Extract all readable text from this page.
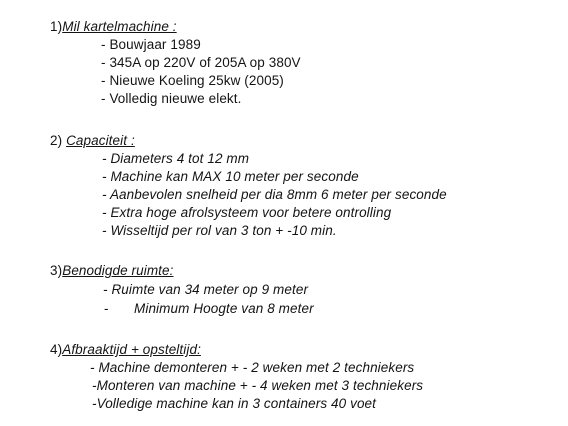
1)Mil kartelmachine :
- Bouwjaar 1989
- 345A op 220V of 205A op 380V
- Nieuwe Koeling 25kw (2005)
- Volledig nieuwe elekt.
2) Capaciteit :
- Diameters 4 tot 12 mm
- Machine kan MAX 10 meter per seconde
- Aanbevolen snelheid per dia 8mm 6 meter per seconde
- Extra hoge afrolsysteem voor betere ontrolling
- Wisseltijd per rol van 3 ton + -10 min.
3)Benodigde ruimte:
- Ruimte van 34 meter op 9 meter
- Minimum Hoogte van 8 meter
4)Afbraaktijd + opsteltijd:
- Machine demonteren + - 2 weken met 2 techniekers
-Monteren van machine + - 4 weken met 3 techniekers
-Volledige machine kan in 3 containers 40 voet
